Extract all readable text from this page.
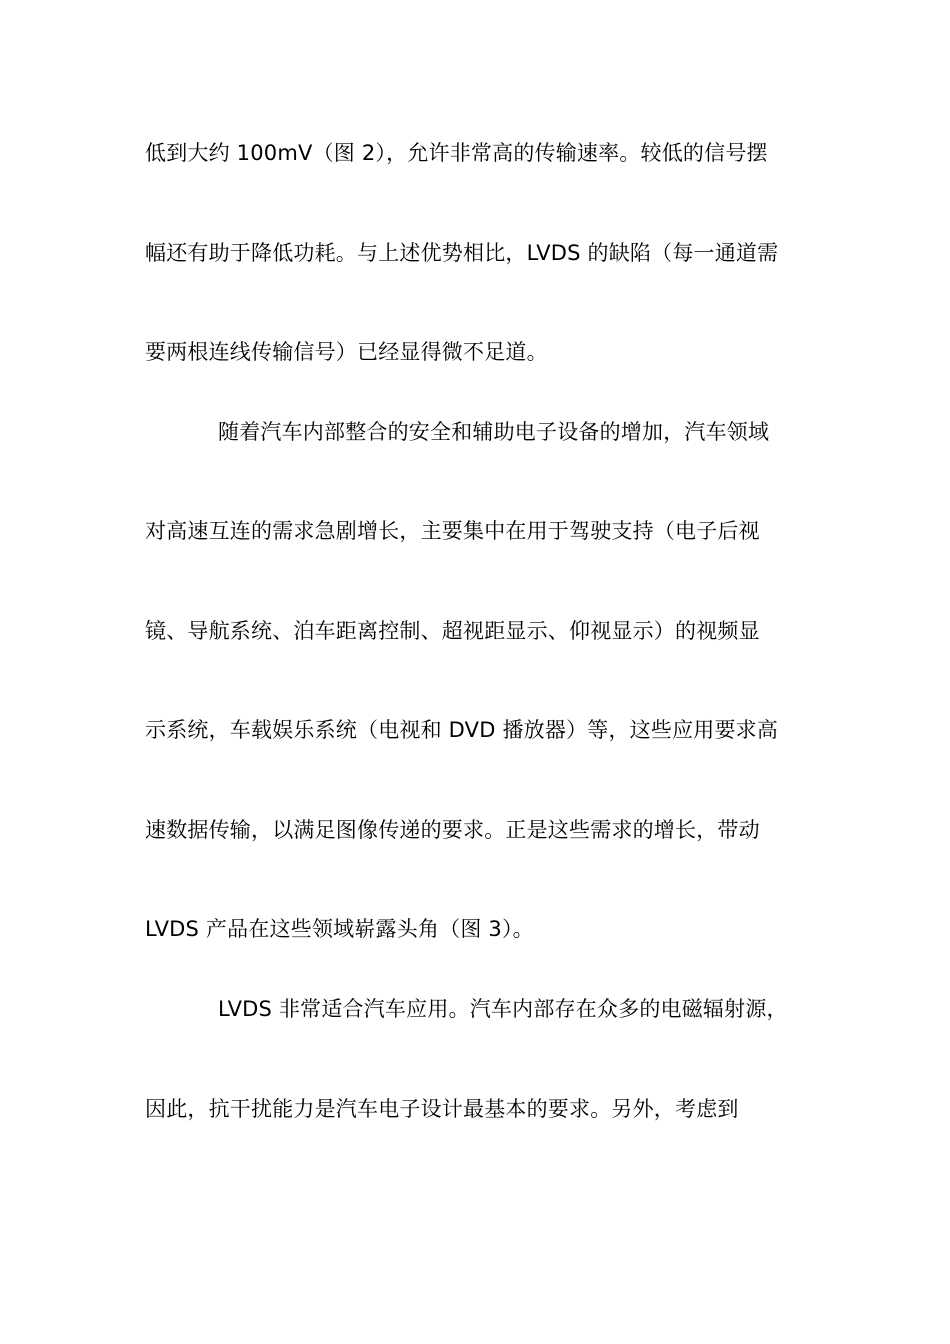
低到大约 100mV（图 2），允许非常高的传输速率。较低的信号摆
幅还有助于降低功耗。与上述优势相比，LVDS 的缺陷（每一通道需
要两根连线传输信号）已经显得微不足道。
随着汽车内部整合的安全和辅助电子设备的增加，汽车领域
对高速互连的需求急剧增长，主要集中在用于驾驶支持（电子后视
镜、导航系统、泊车距离控制、超视距显示、仰视显示）的视频显
示系统，车载娱乐系统（电视和 DVD 播放器）等，这些应用要求高
速数据传输，以满足图像传递的要求。正是这些需求的增长，带动
LVDS 产品在这些领域崭露头角（图 3）。
LVDS 非常适合汽车应用。汽车内部存在众多的电磁辐射源，
因此，抗干扰能力是汽车电子设计最基本的要求。另外，考虑到
